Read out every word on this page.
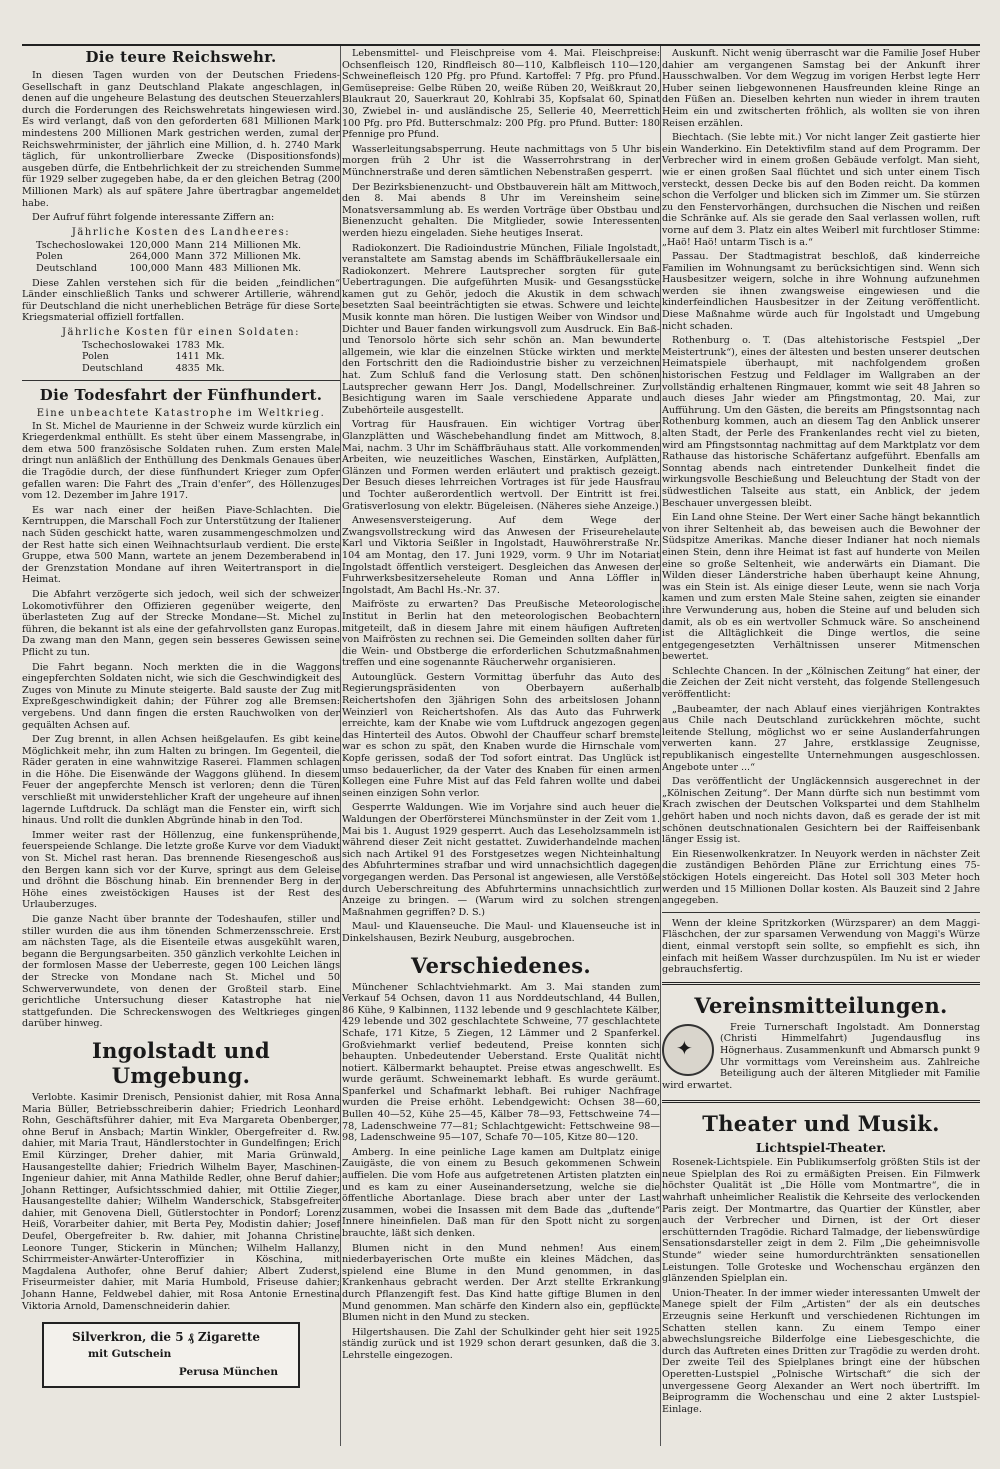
Die teure Reichswehr.

In diesen Tagen wurden von der Deutschen Friedens-Gesellschaft in ganz Deutschland Plakate angeschlagen, in denen auf die ungeheure Belastung des deutschen Steuerzahlers durch die Forderungen des Reichswehretats hingewiesen wird. Es wird verlangt, daß von den geforderten 681 Millionen Mark mindestens 200 Millionen Mark gestrichen werden, zumal der Reichswehrminister, der jährlich eine Million, d. h. 2740 Mark täglich, für unkontrollierbare Zwecke (Dispositionsfonds) ausgeben dürfe, die Entbehrlichkeit der zu streichenden Summe für 1929 selber zugegeben habe, da er den gleichen Betrag (200 Millionen Mark) als auf spätere Jahre übertragbar angemeldet habe.

Der Aufruf führt folgende interessante Ziffern an:

Jährliche Kosten des Landheeres:
Tschechoslowakei	120,000	Mann	214	Millionen Mk.
Polen	264,000	Mann	372	Millionen Mk.
Deutschland	100,000	Mann	483	Millionen Mk.

Diese Zahlen verstehen sich für die beiden „feindlichen“ Länder einschließlich Tanks und schwerer Artillerie, während für Deutschland die nicht unerheblichen Beträge für diese Sorte Kriegsmaterial offiziell fortfallen.

Jährliche Kosten für einen Soldaten:
Tschechoslowakei	1783	Mk.
Polen	1411	Mk.
Deutschland	4835	Mk.
Die Todesfahrt der Fünfhundert.
Eine unbeachtete Katastrophe im Weltkrieg.

In St. Michel de Maurienne in der Schweiz wurde kürzlich ein Kriegerdenkmal enthüllt. Es steht über einem Massengrabe, in dem etwa 500 französische Soldaten ruhen. Zum ersten Male dringt nun anläßlich der Enthüllung des Denkmals Genaues über die Tragödie durch, der diese fünfhundert Krieger zum Opfer gefallen waren: Die Fahrt des „Train d'enfer“, des Höllenzuges vom 12. Dezember im Jahre 1917.

Es war nach einer der heißen Piave-Schlachten. Die Kerntruppen, die Marschall Foch zur Unterstützung der Italiener nach Süden geschickt hatte, waren zusammengeschmolzen und der Rest hatte sich einen Weihnachtsurlaub verdient. Die erste Gruppe, etwa 500 Mann, wartete an jenem Dezemberabend in der Grenzstation Mondane auf ihren Weitertransport in die Heimat.

Die Abfahrt verzögerte sich jedoch, weil sich der schweizer Lokomotivführer den Offizieren gegenüber weigerte, den überlasteten Zug auf der Strecke Mondane—St. Michel zu führen, die bekannt ist als eine der gefahrvollsten ganz Europas. Da zwang man den Mann, gegen sein besseres Gewissen seine Pflicht zu tun.

Die Fahrt begann. Noch merkten die in die Waggons eingepferchten Soldaten nicht, wie sich die Geschwindigkeit des Zuges von Minute zu Minute steigerte. Bald sauste der Zug mit Expreßgeschwindigkeit dahin; der Führer zog alle Bremsen: vergebens. Und dann fingen die ersten Rauchwolken von der gequälten Achsen auf.

Der Zug brennt, in allen Achsen heißgelaufen. Es gibt keine Möglichkeit mehr, ihn zum Halten zu bringen. Im Gegenteil, die Räder geraten in eine wahnwitzige Raserei. Flammen schlagen in die Höhe. Die Eisenwände der Waggons glühend. In diesem Feuer der angepferchte Mensch ist verloren; denn die Türen verschließt mit unwiderstehlicher Kraft der ungeheure auf ihnen lagernde Luftdruck. Da schlägt man die Fenster ein, wirft sich hinaus. Und rollt die dunklen Abgründe hinab in den Tod.

Immer weiter rast der Höllenzug, eine funkensprühende, feuerspeiende Schlange. Die letzte große Kurve vor dem Viadukt von St. Michel rast heran. Das brennende Riesengeschoß aus den Bergen kann sich vor der Kurve, springt aus dem Geleise und dröhnt die Böschung hinab. Ein brennender Berg in der Höhe eines zweistöckigen Hauses ist der Rest des Urlauberzuges.

Die ganze Nacht über brannte der Todeshaufen, stiller und stiller wurden die aus ihm tönenden Schmerzensschreie. Erst am nächsten Tage, als die Eisenteile etwas ausgekühlt waren, begann die Bergungsarbeiten. 350 gänzlich verkohlte Leichen in der formlosen Masse der Ueberreste, gegen 100 Leichen längs der Strecke von Mondane nach St. Michel und 50 Schwerverwundete, von denen der Großteil starb. Eine gerichtliche Untersuchung dieser Katastrophe hat nie stattgefunden. Die Schreckenswogen des Weltkrieges gingen darüber hinweg.

Ingolstadt und Umgebung.

Verlobte. Kasimir Drenisch, Pensionist dahier, mit Rosa Anna Maria Büller, Betriebsschreiberin dahier; Friedrich Leonhard Rohn, Geschäftsführer dahier, mit Eva Margareta Obenberger, ohne Beruf in Ansbach; Martin Winkler, Obergefreiter d. Rw. dahier, mit Maria Traut, Händlerstochter in Gundelfingen; Erich Emil Kürzinger, Dreher dahier, mit Maria Grünwald, Hausangestellte dahier; Friedrich Wilhelm Bayer, Maschinen-Ingenieur dahier, mit Anna Mathilde Redler, ohne Beruf dahier; Johann Rettinger, Aufsichtsschmied dahier, mit Ottilie Zieger, Hausangestellte dahier; Wilhelm Wanderschick, Stabsgefreiter dahier, mit Genovena Diell, Gütlerstochter in Pondorf; Lorenz Heiß, Vorarbeiter dahier, mit Berta Pey, Modistin dahier; Josef Deufel, Obergefreiter b. Rw. dahier, mit Johanna Christine Leonore Tunger, Stickerin in München; Wilhelm Hallanzy, Schirrmeister-Anwärter-Unteroffizier in Köschina, mit Magdalena Authofer, ohne Beruf dahier; Albert Zuderst, Friseurmeister dahier, mit Maria Humbold, Friseuse dahier; Johann Hanne, Feldwebel dahier, mit Rosa Antonie Ernestina Viktoria Arnold, Damenschneiderin dahier.

Silverkron, die 5 ₰ Zigarette
mit Gutschein
Perusa München

Lebensmittel- und Fleischpreise vom 4. Mai. Fleischpreise: Ochsenfleisch 120, Rindfleisch 80—110, Kalbfleisch 110—120, Schweinefleisch 120 Pfg. pro Pfund. Kartoffel: 7 Pfg. pro Pfund. Gemüsepreise: Gelbe Rüben 20, weiße Rüben 20, Weißkraut 20, Blaukraut 20, Sauerkraut 20, Kohlrabi 35, Kopfsalat 60, Spinat 30, Zwiebel in- und ausländische 25, Sellerie 40, Meerrettich 100 Pfg. pro Pfd. Butterschmalz: 200 Pfg. pro Pfund. Butter: 180 Pfennige pro Pfund.

Wasserleitungsabsperrung. Heute nachmittags von 5 Uhr bis morgen früh 2 Uhr ist die Wasserrohrstrang in der Münchnerstraße und deren sämtlichen Nebenstraßen gesperrt.

Der Bezirksbienenzucht- und Obstbauverein hält am Mittwoch, den 8. Mai abends 8 Uhr im Vereinsheim seine Monatsversammlung ab. Es werden Vorträge über Obstbau und Bienenzucht gehalten. Die Mitglieder, sowie Interessenten werden hiezu eingeladen. Siehe heutiges Inserat.

Radiokonzert. Die Radioindustrie München, Filiale Ingolstadt, veranstaltete am Samstag abends im Schäffbräukellersaale ein Radiokonzert. Mehrere Lautsprecher sorgten für gute Uebertragungen. Die aufgeführten Musik- und Gesangsstücke kamen gut zu Gehör, jedoch die Akustik in dem schwach besetzten Saal beeinträchtigten sie etwas. Schwere und leichte Musik konnte man hören. Die lustigen Weiber von Windsor und Dichter und Bauer fanden wirkungsvoll zum Ausdruck. Ein Baß- und Tenorsolo hörte sich sehr schön an. Man bewunderte allgemein, wie klar die einzelnen Stücke wirkten und merkte den Fortschritt den die Radioindustrie bisher zu verzeichnen hat. Zum Schluß fand die Verlosung statt. Den schönen Lautsprecher gewann Herr Jos. Dangl, Modellschreiner. Zur Besichtigung waren im Saale verschiedene Apparate und Zubehörteile ausgestellt.

Vortrag für Hausfrauen. Ein wichtiger Vortrag über Glanzplätten und Wäschebehandlung findet am Mittwoch, 8. Mai, nachm. 3 Uhr im Schäffbräuhaus statt. Alle vorkommenden Arbeiten, wie neuzeitliches Waschen, Einstärken, Aufplätten, Glänzen und Formen werden erläutert und praktisch gezeigt. Der Besuch dieses lehrreichen Vortrages ist für jede Hausfrau und Tochter außerordentlich wertvoll. Der Eintritt ist frei. Gratisverlosung von elektr. Bügeleisen. (Näheres siehe Anzeige.)

Anwesensversteigerung. Auf dem Wege der Zwangsvollstreckung wird das Anwesen der Friseurehelaute Karl und Viktoria Seißler in Ingolstadt, Hauwöhrerstraße Nr. 104 am Montag, den 17. Juni 1929, vorm. 9 Uhr im Notariat Ingolstadt öffentlich versteigert. Desgleichen das Anwesen der Fuhrwerksbesitzerseheleute Roman und Anna Löffler in Ingolstadt, Am Bachl Hs.-Nr. 37.

Maifröste zu erwarten? Das Preußische Meteorologische Institut in Berlin hat den meteorologischen Beobachtern mitgeteilt, daß in diesem Jahre mit einem häufigen Auftreten von Maifrösten zu rechnen sei. Die Gemeinden sollten daher für die Wein- und Obstberge die erforderlichen Schutzmaßnahmen treffen und eine sogenannte Räucherwehr organisieren.

Autounglück. Gestern Vormittag überfuhr das Auto des Regierungspräsidenten von Oberbayern außerhalb Reichertshofen den 3jährigen Sohn des arbeitslosen Johann Weinzierl von Reichertshofen. Als das Auto das Fuhrwerk erreichte, kam der Knabe wie vom Luftdruck angezogen gegen das Hinterteil des Autos. Obwohl der Chauffeur scharf bremste war es schon zu spät, den Knaben wurde die Hirnschale vom Kopfe gerissen, sodaß der Tod sofort eintrat. Das Unglück ist umso bedauerlicher, da der Vater des Knaben für einen armen Kollegen eine Fuhre Mist auf das Feld fahren wollte und dabei seinen einzigen Sohn verlor.

Gesperrte Waldungen. Wie im Vorjahre sind auch heuer die Waldungen der Oberförsterei Münchsmünster in der Zeit vom 1. Mai bis 1. August 1929 gesperrt. Auch das Leseholzsammeln ist während dieser Zeit nicht gestattet. Zuwiderhandelnde machen sich nach Artikel 91 des Forstgesetzes wegen Nichteinhaltung des Abfuhrtermines strafbar und wird unnachsichtlich dagegen vorgegangen werden. Das Personal ist angewiesen, alle Verstöße durch Ueberschreitung des Abfuhrtermins unnachsichtlich zur Anzeige zu bringen. — (Warum wird zu solchen strengen Maßnahmen gegriffen? D. S.)

Maul- und Klauenseuche. Die Maul- und Klauenseuche ist in Dinkelshausen, Bezirk Neuburg, ausgebrochen.

Verschiedenes.

Münchener Schlachtviehmarkt. Am 3. Mai standen zum Verkauf 54 Ochsen, davon 11 aus Norddeutschland, 44 Bullen, 86 Kühe, 9 Kalbinnen, 1132 lebende und 9 geschlachtete Kälber, 429 lebende und 302 geschlachtete Schweine, 77 geschlachtete Schafe, 171 Kitze, 5 Ziegen, 12 Lämmer und 2 Spanferkel. Großviehmarkt verlief bedeutend, Preise konnten sich behaupten. Unbedeutender Ueberstand. Erste Qualität nicht notiert. Kälbermarkt behauptet. Preise etwas angeschwellt. Es wurde geräumt. Schweinemarkt lebhaft. Es wurde geräumt. Spanferkel und Schafmarkt lebhaft. Bei ruhiger Nachfrage wurden die Preise erhöht. Lebendgewicht: Ochsen 38—60, Bullen 40—52, Kühe 25—45, Kälber 78—93, Fettschweine 74—78, Ladenschweine 77—81; Schlachtgewicht: Fettschweine 98—98, Ladenschweine 95—107, Schafe 70—105, Kitze 80—120.

Amberg. In eine peinliche Lage kamen am Dultplatz einige Zauigäste, die von einem zu Besuch gekommenen Schwein auffielen. Die vom Hofe aus aufgetretenen Artisten platzten ein und es kam zu einer Auseinandersetzung, welche sie die öffentliche Abortanlage. Diese brach aber unter der Last zusammen, wobei die Insassen mit dem Bade das „duftende“ Innere hineinfielen. Daß man für den Spott nicht zu sorgen brauchte, läßt sich denken.

Blumen nicht in den Mund nehmen! Aus einem niederbayerischen Orte mußte ein kleines Mädchen, das spielend eine Blume in den Mund genommen, in das Krankenhaus gebracht werden. Der Arzt stellte Erkrankung durch Pflanzengift fest. Das Kind hatte giftige Blumen in den Mund genommen. Man schärfe den Kindern also ein, gepflückte Blumen nicht in den Mund zu stecken.

Hilgertshausen. Die Zahl der Schulkinder geht hier seit 1925 ständig zurück und ist 1929 schon derart gesunken, daß die 3. Lehrstelle eingezogen.

Auskunft. Nicht wenig überrascht war die Familie Josef Huber dahier am vergangenen Samstag bei der Ankunft ihrer Hausschwalben. Vor dem Wegzug im vorigen Herbst legte Herr Huber seinen liebgewonnenen Hausfreunden kleine Ringe an den Füßen an. Dieselben kehrten nun wieder in ihrem trauten Heim ein und zwitscherten fröhlich, als wollten sie von ihren Reisen erzählen.

Biechtach. (Sie lebte mit.) Vor nicht langer Zeit gastierte hier ein Wanderkino. Ein Detektivfilm stand auf dem Programm. Der Verbrecher wird in einem großen Gebäude verfolgt. Man sieht, wie er einen großen Saal flüchtet und sich unter einem Tisch versteckt, dessen Decke bis auf den Boden reicht. Da kommen schon die Verfolger und blicken sich im Zimmer um. Sie stürzen zu den Fenstervorhängen, durchsuchen die Nischen und reißen die Schränke auf. Als sie gerade den Saal verlassen wollen, ruft vorne auf dem 3. Platz ein altes Weiberl mit furchtloser Stimme: „Haö! Haö! untarm Tisch is a.“

Passau. Der Stadtmagistrat beschloß, daß kinderreiche Familien im Wohnungsamt zu berücksichtigen sind. Wenn sich Hausbesitzer weigern, solche in ihre Wohnung aufzunehmen werden sie ihnen zwangsweise eingewiesen und die kinderfeindlichen Hausbesitzer in der Zeitung veröffentlicht. Diese Maßnahme würde auch für Ingolstadt und Umgebung nicht schaden.

Rothenburg o. T. (Das altehistorische Festspiel „Der Meistertrunk“), eines der ältesten und besten unserer deutschen Heimatspiele überhaupt, mit nachfolgendem großen historischen Festzug und Feldlager im Wallgraben an der vollständig erhaltenen Ringmauer, kommt wie seit 48 Jahren so auch dieses Jahr wieder am Pfingstmontag, 20. Mai, zur Aufführung. Um den Gästen, die bereits am Pfingstsonntag nach Rothenburg kommen, auch an diesem Tag den Anblick unserer alten Stadt, der Perle des Frankenlandes recht viel zu bieten, wird am Pfingstsonntag nachmittag auf dem Marktplatz vor dem Rathause das historische Schäfertanz aufgeführt. Ebenfalls am Sonntag abends nach eintretender Dunkelheit findet die wirkungsvolle Beschießung und Beleuchtung der Stadt von der südwestlichen Talseite aus statt, ein Anblick, der jedem Beschauer unvergessen bleibt.

Ein Land ohne Steine. Der Wert einer Sache hängt bekanntlich von ihrer Seltenheit ab, das beweisen auch die Bewohner der Südspitze Amerikas. Manche dieser Indianer hat noch niemals einen Stein, denn ihre Heimat ist fast auf hunderte von Meilen eine so große Seltenheit, wie anderwärts ein Diamant. Die Wilden dieser Länderstriche haben überhaupt keine Ahnung, was ein Stein ist. Als einige dieser Leute, wenn sie nach Vorja kamen und zum ersten Male Steine sahen, zeigten sie einander ihre Verwunderung aus, hoben die Steine auf und beluden sich damit, als ob es ein wertvoller Schmuck wäre. So anscheinend ist die Alltäglichkeit die Dinge wertlos, die seine entgegengesetzten Verhältnissen unserer Mitmenschen bewertet.

Schlechte Chancen. In der „Kölnischen Zeitung“ hat einer, der die Zeichen der Zeit nicht versteht, das folgende Stellengesuch veröffentlicht:

„Baubeamter, der nach Ablauf eines vierjährigen Kontraktes aus Chile nach Deutschland zurückkehren möchte, sucht leitende Stellung, möglichst wo er seine Auslanderfahrungen verwerten kann. 27 Jahre, erstklassige Zeugnisse, republikanisch eingestellte Unternehmungen ausgeschlossen. Angebote unter ...“

Das veröffentlicht der Ungläckennsich ausgerechnet in der „Kölnischen Zeitung“. Der Mann dürfte sich nun bestimmt vom Krach zwischen der Deutschen Volkspartei und dem Stahlhelm gehört haben und noch nichts davon, daß es gerade der ist mit schönen deutschnationalen Gesichtern bei der Raiffeisenbank länger Essig ist.

Ein Riesenwolkenkratzer. In Neuyork werden in nächster Zeit die zuständigen Behörden Pläne zur Errichtung eines 75-stöckigen Hotels eingereicht. Das Hotel soll 303 Meter hoch werden und 15 Millionen Dollar kosten. Als Bauzeit sind 2 Jahre angegeben.

Wenn der kleine Spritzkorken (Würzsparer) an dem Maggi-Fläschchen, der zur sparsamen Verwendung von Maggi's Würze dient, einmal verstopft sein sollte, so empfiehlt es sich, ihn einfach mit heißem Wasser durchzuspülen. Im Nu ist er wieder gebrauchsfertig.

Vereinsmitteilungen.
✦

Freie Turnerschaft Ingolstadt. Am Donnerstag (Christi Himmelfahrt) Jugendausflug ins Högnerhaus. Zusammenkunft und Abmarsch punkt 9 Uhr vormittags vom Vereinsheim aus. Zahlreiche Beteiligung auch der älteren Mitglieder mit Familie wird erwartet.

Theater und Musik.
Lichtspiel-Theater.

Rosenek-Lichtspiele. Ein Publikumserfolg größten Stils ist der neue Spielplan des Roi zu ermäßigten Preisen. Ein Filmwerk höchster Qualität ist „Die Hölle vom Montmartre“, die in wahrhaft unheimlicher Realistik die Kehrseite des verlockenden Paris zeigt. Der Montmartre, das Quartier der Künstler, aber auch der Verbrecher und Dirnen, ist der Ort dieser erschütternden Tragödie. Richard Talmadge, der liebenswürdige Sensationsdarsteller zeigt in dem 2. Film „Die geheimnisvolle Stunde“ wieder seine humordurchtränkten sensationellen Leistungen. Tolle Groteske und Wochenschau ergänzen den glänzenden Spielplan ein.

Union-Theater. In der immer wieder interessanten Umwelt der Manege spielt der Film „Artisten“ der als ein deutsches Erzeugnis seine Herkunft und verschiedenen Richtungen im Schatten stellen kann. Zu einem Tempo einer abwechslungsreiche Bilderfolge eine Liebesgeschichte, die durch das Auftreten eines Dritten zur Tragödie zu werden droht. Der zweite Teil des Spielplanes bringt eine der hübschen Operetten-Lustspiel „Polnische Wirtschaft“ die sich der unvergessene Georg Alexander an Wert noch übertrifft. Im Beiprogramm die Wochenschau und eine 2 akter Lustspiel-Einlage.
